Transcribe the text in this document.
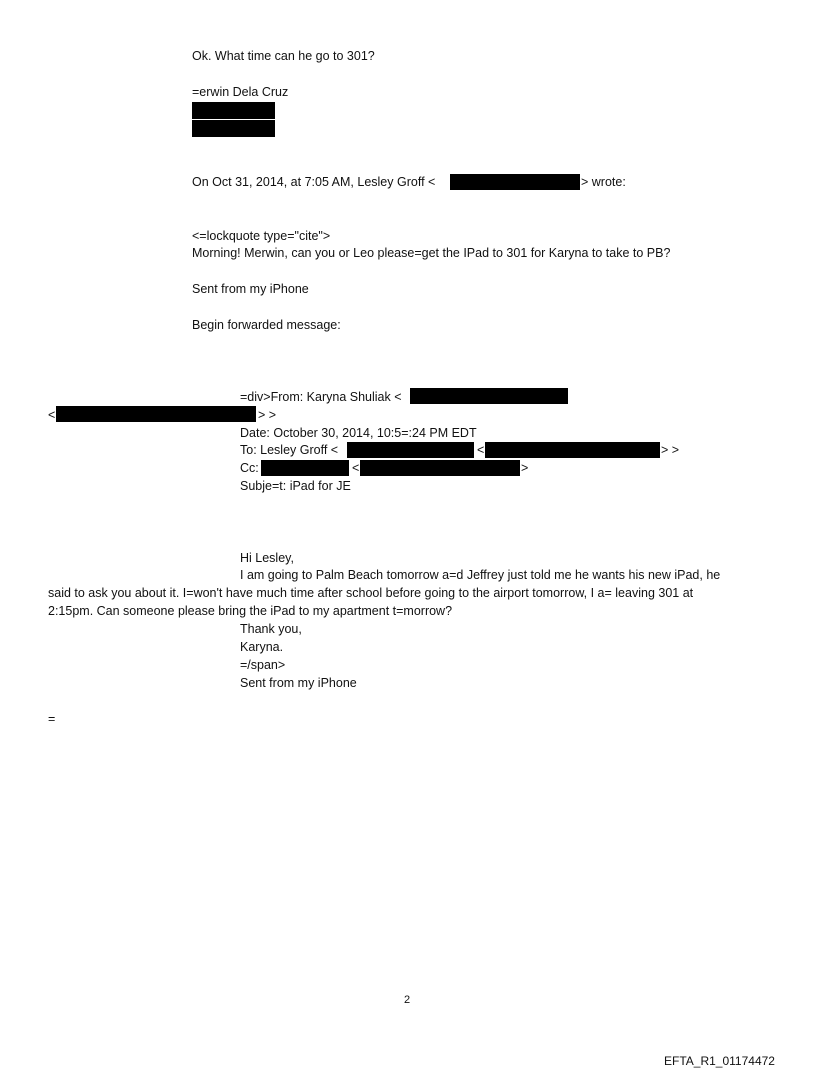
Ok. What time can he go to 301?
=erwin Dela Cruz
On Oct 31, 2014, at 7:05 AM, Lesley Groff <	> wrote:
<=lockquote type="cite">
Morning! Merwin, can you or Leo please=get the IPad to 301 for Karyna to take to PB?
Sent from my iPhone
Begin forwarded message:
=div>From: Karyna Shuliak <
<	> >
Date: October 30, 2014, 10:5=:24 PM EDT
To: Lesley Groff <	<	> >
Cc:	<	>
Subje=t: iPad for JE
Hi Lesley,
I am going to Palm Beach tomorrow a=d Jeffrey just told me he wants his new iPad, he
said to ask you about it. I=won't have much time after school before going to the airport tomorrow, I a= leaving 301 at
2:15pm. Can someone please bring the iPad to my apartment t=morrow?
Thank you,
Karyna.
=/span>
Sent from my iPhone
=
2
EFTA_R1_01174472
